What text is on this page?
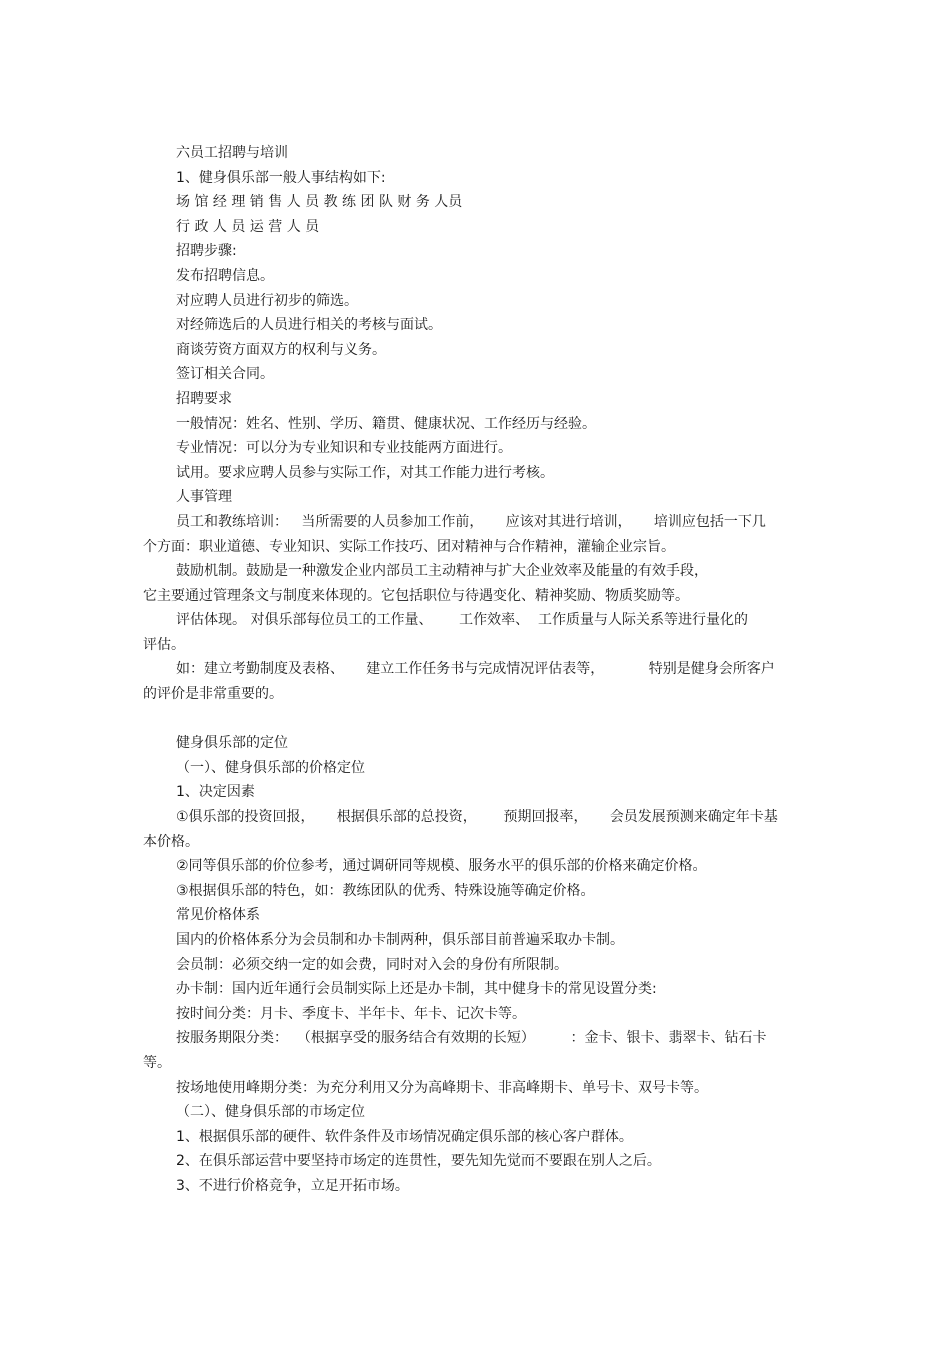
六员工招聘与培训

1、健身俱乐部一般人事结构如下:

场 馆 经 理 销 售 人 员 教 练 团 队 财 务 人员

行 政 人 员 运 营 人 员

招聘步骤:

发布招聘信息。

对应聘人员进行初步的筛选。

对经筛选后的人员进行相关的考核与面试。

商谈劳资方面双方的权利与义务。

签订相关合同。

招聘要求

一般情况：姓名、性别、学历、籍贯、健康状况、工作经历与经验。

专业情况：可以分为专业知识和专业技能两方面进行。

试用。要求应聘人员参与实际工作，对其工作能力进行考核。

人事管理

员工和教练培训：   当所需要的人员参加工作前，     应该对其进行培训，     培训应包括一下几

个方面：职业道德、专业知识、实际工作技巧、团对精神与合作精神，灌输企业宗旨。

鼓励机制。鼓励是一种激发企业内部员工主动精神与扩大企业效率及能量的有效手段，

它主要通过管理条文与制度来体现的。它包括职位与待遇变化、精神奖励、物质奖励等。

评估体现。 对俱乐部每位员工的工作量、      工作效率、  工作质量与人际关系等进行量化的

评估。

如：建立考勤制度及表格、     建立工作任务书与完成情况评估表等，          特别是健身会所客户

的评价是非常重要的。

健身俱乐部的定位

（一）、健身俱乐部的价格定位

1、决定因素

①俱乐部的投资回报，     根据俱乐部的总投资，      预期回报率，     会员发展预测来确定年卡基

本价格。

②同等俱乐部的价位参考，通过调研同等规模、服务水平的俱乐部的价格来确定价格。

③根据俱乐部的特色，如：教练团队的优秀、特殊设施等确定价格。

常见价格体系

国内的价格体系分为会员制和办卡制两种，俱乐部目前普遍采取办卡制。

会员制：必须交纳一定的如会费，同时对入会的身份有所限制。

办卡制：国内近年通行会员制实际上还是办卡制，其中健身卡的常见设置分类:

按时间分类：月卡、季度卡、半年卡、年卡、记次卡等。

按服务期限分类：  （根据享受的服务结合有效期的长短）        ：金卡、银卡、翡翠卡、钻石卡

等。

按场地使用峰期分类：为充分利用又分为高峰期卡、非高峰期卡、单号卡、双号卡等。

（二）、健身俱乐部的市场定位

1、根据俱乐部的硬件、软件条件及市场情况确定俱乐部的核心客户群体。

2、在俱乐部运营中要坚持市场定的连贯性，要先知先觉而不要跟在别人之后。

3、不进行价格竞争，立足开拓市场。
